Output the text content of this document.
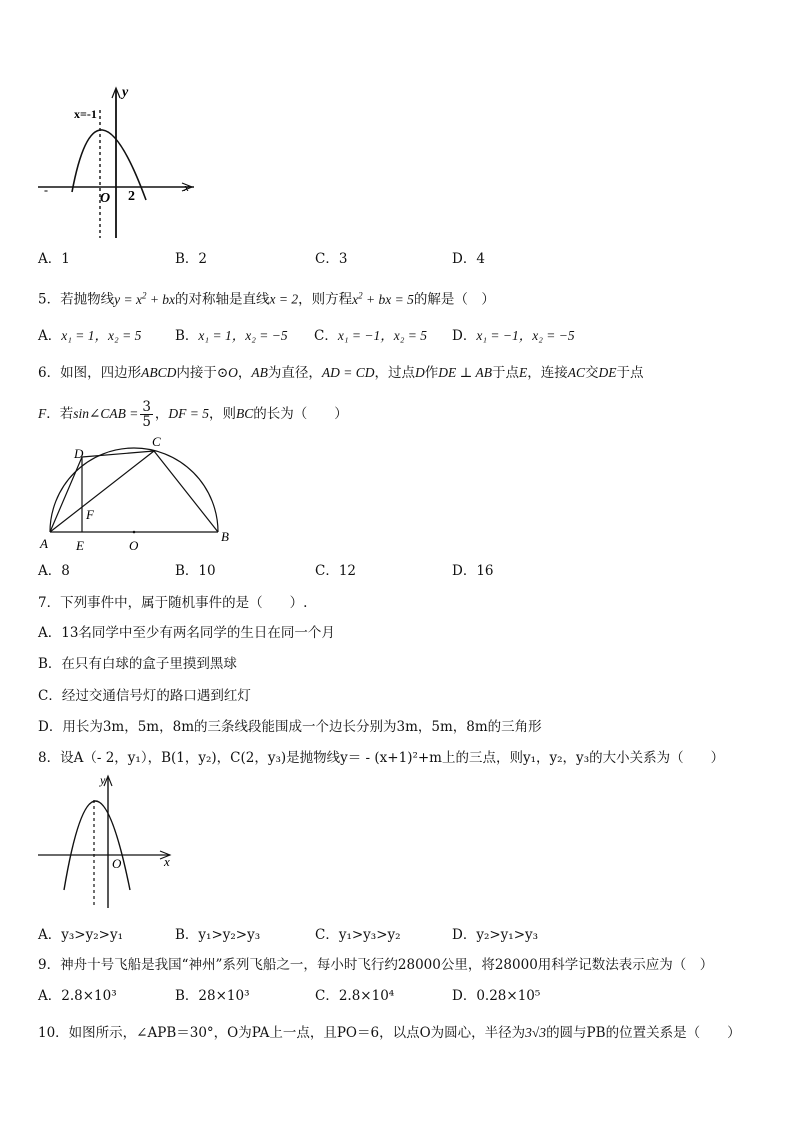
y
x
x=-1
O 2
-
A．1	B．2	C．3	D．4
5．若抛物线$y = x^2$ + bx的对称轴是直线x = 2，则方程$x^2$ + bx = 5的解是（　）
A．x₁ = 1，x₂ = 5 B．x₁ = 1，x₂ = −5 C．x₁ = −1，x₂ = 5 D．x₁ = −1，x₂ = −5
6．如图，四边形ABCD内接于⊙O，AB为直径，AD = CD，过点D作DE ⊥ AB于点E，连接AC交DE于点
F．若sin∠CAB = $\frac{3}{5}$ ，DF = 5，则BC的长为（　　）
D
C
F
A E	O
B
A．8	B．10	C．12	D．16
7．下列事件中，属于随机事件的是（　　）.
A．13名同学中至少有两名同学的生日在同一个月
B．在只有白球的盒子里摸到黑球
C．经过交通信号灯的路口遇到红灯
D．用长为3m，5m，8m的三条线段能围成一个边长分别为3m，5m，8m的三角形
8．设A（- 2，y₁），B(1，y₂)，C(2，y₃)是抛物线y＝ - (x+1)²+m上的三点，则y₁，y₂，y₃的大小关系为（　　）
y
x
O
A．y₃>y₂>y₁	B．y₁>y₂>y₃	C．y₁>y₃>y₂	D．y₂>y₁>y₃
9．神舟十号飞船是我国“神州”系列飞船之一，每小时飞行约28000公里，将28000用科学记数法表示应为（　）
A．2.8×10³	B．28×10³	C．2.8×10⁴	D．0.28×10⁵
10．如图所示，∠APB＝30°，O为PA上一点，且PO＝6，以点O为圆心，半径为3√3的圆与PB的位置关系是（　　）
